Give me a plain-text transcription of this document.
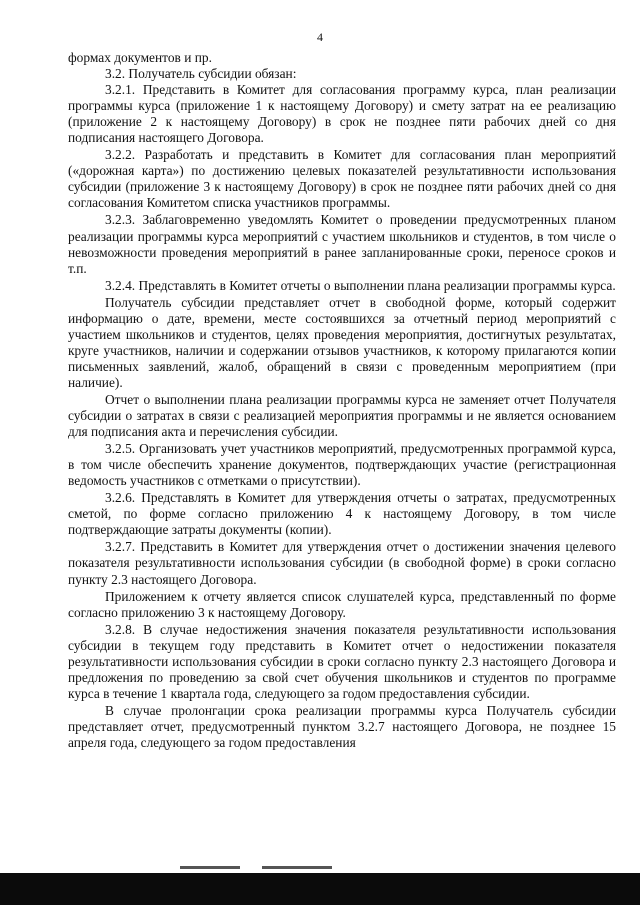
4

формах документов и пр.

3.2. Получатель субсидии обязан:

3.2.1. Представить в Комитет для согласования программу курса, план реализации программы курса (приложение 1 к настоящему Договору) и смету затрат на ее реализацию (приложение 2 к настоящему Договору) в срок не позднее пяти рабочих дней со дня подписания настоящего Договора.

3.2.2. Разработать и представить в Комитет для согласования план мероприятий («дорожная карта») по достижению целевых показателей результативности использования субсидии (приложение 3 к настоящему Договору) в срок не позднее пяти рабочих дней со дня согласования Комитетом списка участников программы.

3.2.3. Заблаговременно уведомлять Комитет о проведении предусмотренных планом реализации программы курса мероприятий с участием школьников и студентов, в том числе о невозможности проведения мероприятий в ранее запланированные сроки, переносе сроков и т.п.

3.2.4. Представлять в Комитет отчеты о выполнении плана реализации программы курса.

Получатель субсидии представляет отчет в свободной форме, который содержит информацию о дате, времени, месте состоявшихся за отчетный период мероприятий с участием школьников и студентов, целях проведения мероприятия, достигнутых результатах, круге участников, наличии и содержании отзывов участников, к которому прилагаются копии письменных заявлений, жалоб, обращений в связи с проведенным мероприятием (при наличие).

Отчет о выполнении плана реализации программы курса не заменяет отчет Получателя субсидии о затратах в связи с реализацией мероприятия программы и не является основанием для подписания акта и перечисления субсидии.

3.2.5. Организовать учет участников мероприятий, предусмотренных программой курса, в том числе обеспечить хранение документов, подтверждающих участие (регистрационная ведомость участников с отметками о присутствии).

3.2.6. Представлять в Комитет для утверждения отчеты о затратах, предусмотренных сметой, по форме согласно приложению 4 к настоящему Договору, в том числе подтверждающие затраты документы (копии).

3.2.7. Представить в Комитет для утверждения отчет о достижении значения целевого показателя результативности использования субсидии (в свободной форме) в сроки согласно пункту 2.3 настоящего Договора.

Приложением к отчету является список слушателей курса, представленный по форме согласно приложению 3 к настоящему Договору.

3.2.8. В случае недостижения значения показателя результативности использования субсидии в текущем году представить в Комитет отчет о недостижении показателя результативности использования субсидии в сроки согласно пункту 2.3 настоящего Договора и предложения по проведению за свой счет обучения школьников и студентов по программе курса в течение 1 квартала года, следующего за годом предоставления субсидии.

В случае пролонгации срока реализации программы курса Получатель субсидии представляет отчет, предусмотренный пунктом 3.2.7 настоящего Договора, не позднее 15 апреля года, следующего за годом предоставления
